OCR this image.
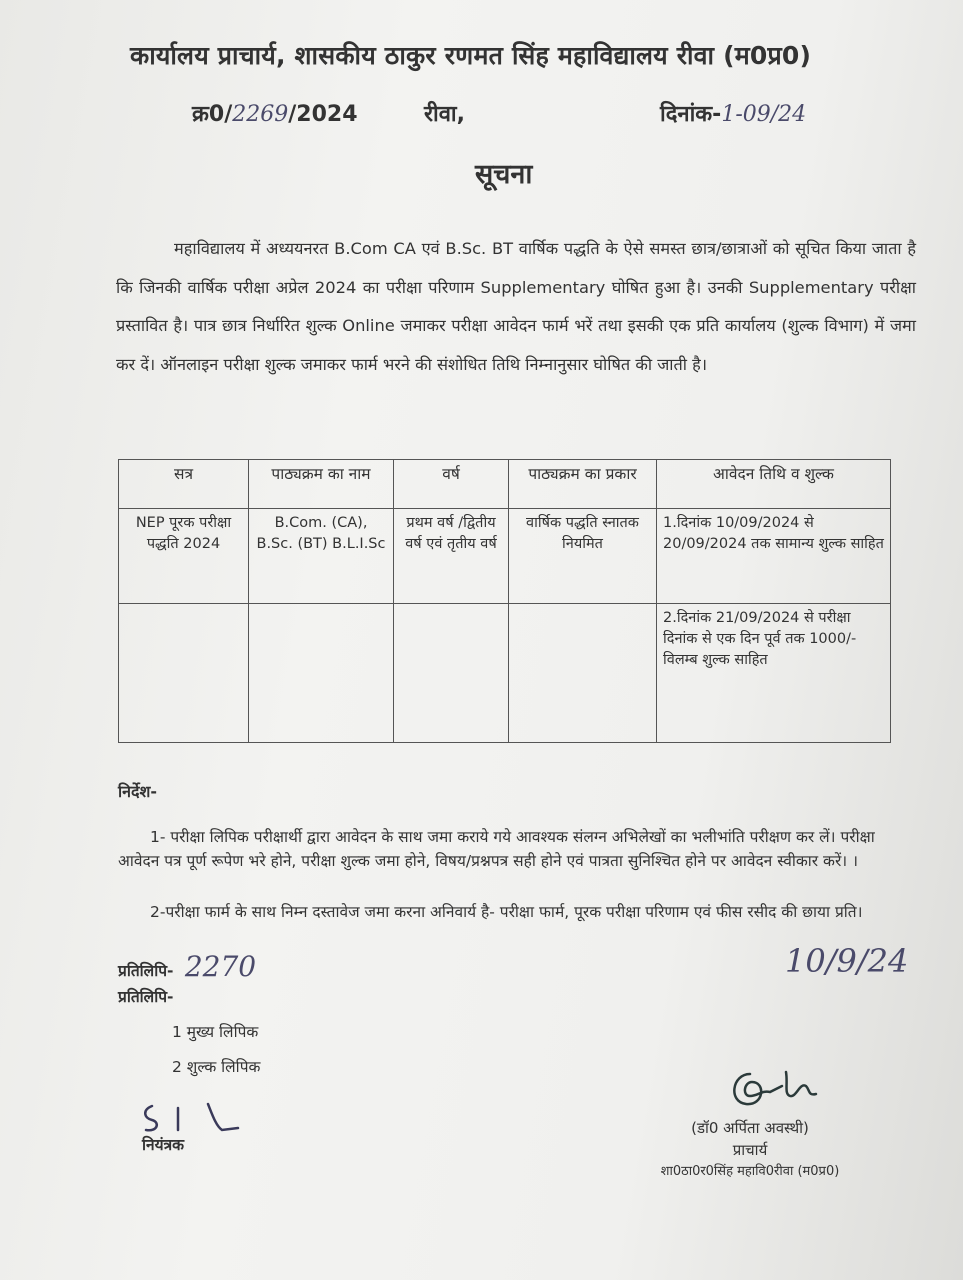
कार्यालय प्राचार्य, शासकीय ठाकुर रणमत सिंह महाविद्यालय रीवा (म0प्र0)
क्र0/2269/2024	रीवा,	दिनांक-1-09/24
सूचना
महाविद्यालय में अध्ययनरत B.Com CA एवं B.Sc. BT वार्षिक पद्धति के ऐसे समस्त छात्र/छात्राओं को सूचित किया जाता है कि जिनकी वार्षिक परीक्षा अप्रेल 2024 का परीक्षा परिणाम Supplementary घोषित हुआ है। उनकी Supplementary परीक्षा प्रस्तावित है। पात्र छात्र निर्धारित शुल्क Online जमाकर परीक्षा आवेदन फार्म भरें तथा इसकी एक प्रति कार्यालय (शुल्क विभाग) में जमा कर दें। ऑनलाइन परीक्षा शुल्क जमाकर फार्म भरने की संशोधित तिथि निम्नानुसार घोषित की जाती है।
सत्र	पाठ्यक्रम का नाम	वर्ष	पाठ्यक्रम का प्रकार	आवेदन तिथि व शुल्क
NEP पूरक परीक्षा पद्धति 2024	B.Com. (CA), B.Sc. (BT) B.L.I.Sc	प्रथम वर्ष /द्वितीय वर्ष एवं तृतीय वर्ष	वार्षिक पद्धति स्नातक नियमित	1.दिनांक 10/09/2024 से 20/09/2024 तक सामान्य शुल्क साहित
				2.दिनांक 21/09/2024 से परीक्षा दिनांक से एक दिन पूर्व तक 1000/- विलम्ब शुल्क साहित
निर्देश-
1- परीक्षा लिपिक परीक्षार्थी द्वारा आवेदन के साथ जमा कराये गये आवश्यक संलग्न अभिलेखों का भलीभांति परीक्षण कर लें। परीक्षा आवेदन पत्र पूर्ण रूपेण भरे होने, परीक्षा शुल्क जमा होने, विषय/प्रश्नपत्र सही होने एवं पात्रता सुनिश्चित होने पर आवेदन स्वीकार करें। ।
2-परीक्षा फार्म के साथ निम्न दस्तावेज जमा करना अनिवार्य है- परीक्षा फार्म, पूरक परीक्षा परिणाम एवं फीस रसीद की छाया प्रति।
प्रतिलिपि- 2270	10/9/24
प्रतिलिपि-
1 मुख्य लिपिक
2 शुल्क लिपिक
नियंत्रक
(डॉ0 अर्पिता अवस्थी)
प्राचार्य
शा0ठा0र0सिंह महावि0रीवा (म0प्र0)
